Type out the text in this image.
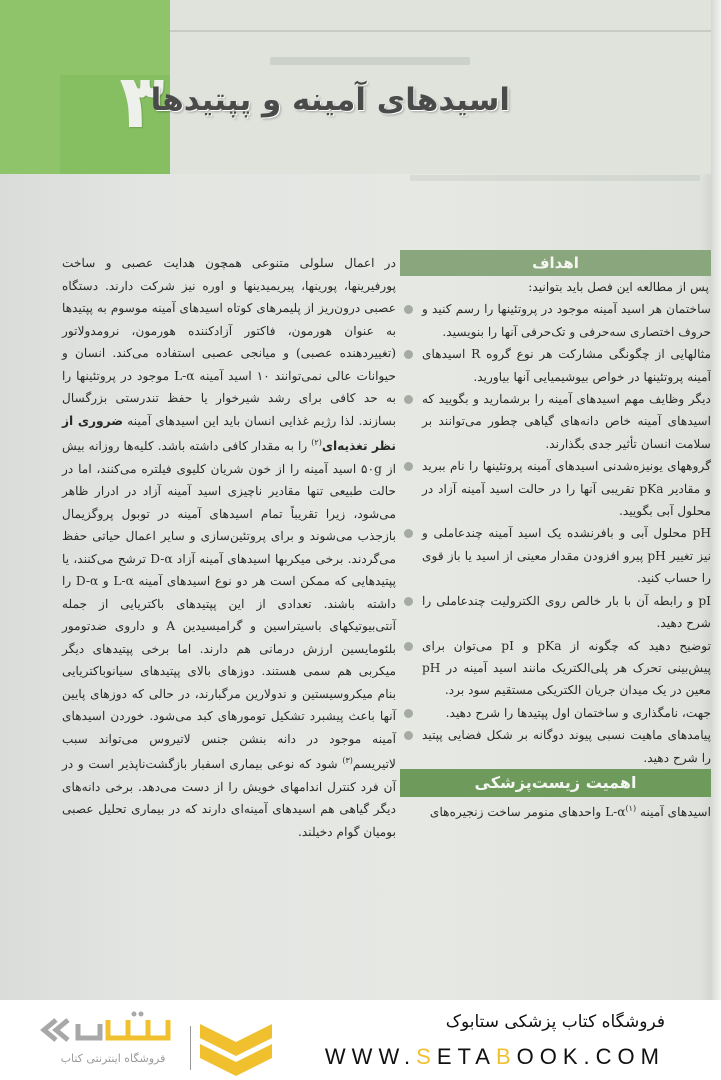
۳
اسیدهای آمینه و پپتیدها
در اعمال سلولی متنوعی همچون هدایت عصبی و ساخت پورفیرینها، پورینها، پیریمیدینها و اوره نیز شرکت دارند. دستگاه عصبی درون‌ریز از پلیمرهای کوتاه اسیدهای آمینه موسوم به پپتیدها به عنوان هورمون، فاکتور آزادکننده هورمون، نرومدولاتور (تغییردهنده عصبی) و میانجی عصبی استفاده می‌کند. انسان و حیوانات عالی نمی‌توانند ۱۰ اسید آمینه L-α موجود در پروتئینها را به حد کافی برای رشد شیرخوار یا حفظ تندرستی بزرگسال بسازند. لذا رژیم غذایی انسان باید این اسیدهای آمینه ضروری از نظر تغذیه‌ای$^{(۲)}$ را به مقدار کافی داشته باشد. کلیه‌ها روزانه بیش از ۵۰g اسید آمینه را از خون شریان کلیوی فیلتره می‌کنند، اما در حالت طبیعی تنها مقادیر ناچیزی اسید آمینه آزاد در ادرار ظاهر می‌شود، زیرا تقریباً تمام اسیدهای آمینه در توبول پروگزیمال بازجذب می‌شوند و برای پروتئین‌سازی و سایر اعمال حیاتی حفظ می‌گردند. برخی میکربها اسیدهای آمینه آزاد D-α ترشح می‌کنند، یا پپتیدهایی که ممکن است هر دو نوع اسیدهای آمینه L-α و D-α را داشته باشند. تعدادی از این پپتیدهای باکتریایی از جمله آنتی‌بیوتیکهای باسیتراسین و گرامیسیدین A و داروی ضدتومور بلئومایسین ارزش درمانی هم دارند. اما برخی پپتیدهای دیگر میکربی هم سمی هستند. دوزهای بالای پپتیدهای سیانوباکتریایی بنام میکروسیستین و ندولارین مرگبارند، در حالی که دوزهای پایین آنها باعث پیشبرد تشکیل تومورهای کبد می‌شود. خوردن اسیدهای آمینه موجود در دانه بنشن جنس لاتیروس می‌تواند سبب لاتیریسم$^{(۳)}$ شود که نوعی بیماری اسفبار بازگشت‌ناپذیر است و در آن فرد کنترل اندامهای خویش را از دست می‌دهد. برخی دانه‌های دیگر گیاهی هم اسیدهای آمینه‌ای دارند که در بیماری تحلیل عصبی بومیان گوام دخیلند.
اهداف
پس از مطالعه این فصل باید بتوانید:
ساختمان هر اسید آمینه موجود در پروتئینها را رسم کنید و حروف اختصاری سه‌حرفی و تک‌حرفی آنها را بنویسید.
مثالهایی از چگونگی مشارکت هر نوع گروه R اسیدهای آمینه پروتئینها در خواص بیوشیمیایی آنها بیاورید.
دیگر وظایف مهم اسیدهای آمینه را برشمارید و بگویید که اسیدهای آمینه خاص دانه‌های گیاهی چطور می‌توانند بر سلامت انسان تأثیر جدی بگذارند.
گروههای یونیزه‌شدنی اسیدهای آمینه پروتئینها را نام ببرید و مقادیر pKa تقریبی آنها را در حالت اسید آمینه آزاد در محلول آبی بگویید.
pH محلول آبی و بافرنشده یک اسید آمینه چندعاملی و نیز تغییر pH پیرو افزودن مقدار معینی از اسید یا باز قوی را حساب کنید.
pI و رابطه آن با بار خالص روی الکترولیت چندعاملی را شرح دهید.
توضیح دهید که چگونه از pKa و pI می‌توان برای پیش‌بینی تحرک هر پلی‌الکتریک مانند اسید آمینه در pH معین در یک میدان جریان الکتریکی مستقیم سود برد.
جهت، نامگذاری و ساختمان اول پپتیدها را شرح دهید.
پیامدهای ماهیت نسبی پیوند دوگانه بر شکل فضایی پپتید را شرح دهید.
اهمیت زیست‌پزشکی
اسیدهای آمینه $L-\alpha^{(۱)}$ واحدهای منومر ساخت زنجیره‌های
فروشگاه اینترنتی کتاب
فروشگاه کتاب پزشکی ستابوک
WWW.SETABOOK.COM
